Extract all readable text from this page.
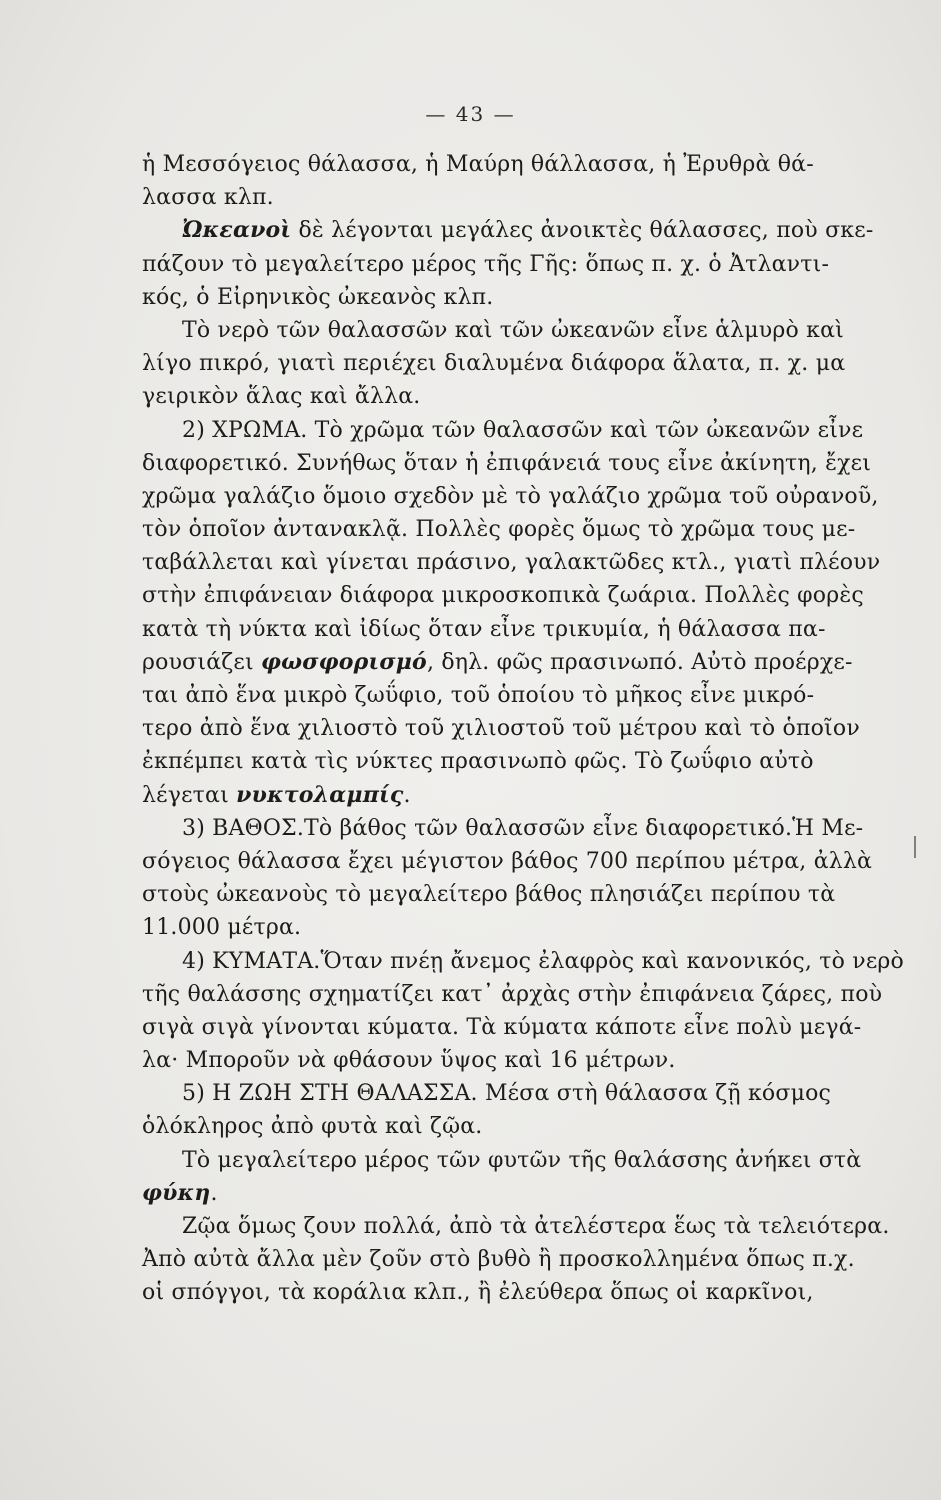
— 43 —
ἡ Μεσσόγειος θάλασσα, ἡ Μαύρη θάλλασσα, ἡ Ἐρυθρὰ θά-
λασσα κλπ.
Ὠκεανοὶ δὲ λέγονται μεγάλες ἀνοικτὲς θάλασσες, ποὺ σκε-
πάζουν τὸ μεγαλείτερο μέρος τῆς Γῆς: ὅπως π. χ. ὁ Ἀτλαντι-
κός, ὁ Εἰρηνικὸς ὠκεανὸς κλπ.
Τὸ νερὸ τῶν θαλασσῶν καὶ τῶν ὠκεανῶν εἶνε ἁλμυρὸ καὶ
λίγο πικρό, γιατὶ περιέχει διαλυμένα διάφορα ἅλατα, π. χ. μα
γειρικὸν ἅλας καὶ ἄλλα.
2) ΧΡΩΜΑ. Τὸ χρῶμα τῶν θαλασσῶν καὶ τῶν ὠκεανῶν εἶνε
διαφορετικό. Συνήθως ὅταν ἡ ἐπιφάνειά τους εἶνε ἀκίνητη, ἔχει
χρῶμα γαλάζιο ὅμοιο σχεδὸν μὲ τὸ γαλάζιο χρῶμα τοῦ οὐρανοῦ,
τὸν ὁποῖον ἀντανακλᾷ. Πολλὲς φορὲς ὅμως τὸ χρῶμα τους με-
ταβάλλεται καὶ γίνεται πράσινο, γαλακτῶδες κτλ., γιατὶ πλέουν
στὴν ἐπιφάνειαν διάφορα μικροσκοπικὰ ζωάρια. Πολλὲς φορὲς
κατὰ τὴ νύκτα καὶ ἰδίως ὅταν εἶνε τρικυμία, ἡ θάλασσα πα-
ρουσιάζει φωσφορισμό, δηλ. φῶς πρασινωπό. Αὐτὸ προέρχε-
ται ἀπὸ ἕνα μικρὸ ζωΰφιο, τοῦ ὁποίου τὸ μῆκος εἶνε μικρό-
τερο ἀπὸ ἕνα χιλιοστὸ τοῦ χιλιοστοῦ τοῦ μέτρου καὶ τὸ ὁποῖον
ἐκπέμπει κατὰ τὶς νύκτες πρασινωπὸ φῶς. Τὸ ζωΰφιο αὐτὸ
λέγεται νυκτολαμπίς.
3) ΒΑΘΟΣ.Τὸ βάθος τῶν θαλασσῶν εἶνε διαφορετικό.Ἡ Με-
σόγειος θάλασσα ἔχει μέγιστον βάθος 700 περίπου μέτρα, ἀλλὰ
στοὺς ὠκεανοὺς τὸ μεγαλείτερο βάθος πλησιάζει περίπου τὰ
11.000 μέτρα.
4) ΚΥΜΑΤΑ.Ὅταν πνέῃ ἄνεμος ἐλαφρὸς καὶ κανονικός, τὸ νερὸ
τῆς θαλάσσης σχηματίζει κατ᾿ ἀρχὰς στὴν ἐπιφάνεια ζάρες, ποὺ
σιγὰ σιγὰ γίνονται κύματα. Τὰ κύματα κάποτε εἶνε πολὺ μεγά-
λα· Μποροῦν νὰ φθάσουν ὕψος καὶ 16 μέτρων.
5) Η ΖΩΗ ΣΤΗ ΘΑΛΑΣΣΑ. Μέσα στὴ θάλασσα ζῇ κόσμος
ὁλόκληρος ἀπὸ φυτὰ καὶ ζῷα.
Τὸ μεγαλείτερο μέρος τῶν φυτῶν τῆς θαλάσσης ἀνήκει στὰ
φύκη.
Ζῷα ὅμως ζουν πολλά, ἀπὸ τὰ ἀτελέστερα ἕως τὰ τελειότερα.
Ἀπὸ αὐτὰ ἄλλα μὲν ζοῦν στὸ βυθὸ ἢ προσκολλημένα ὅπως π.χ.
οἱ σπόγγοι, τὰ κοράλια κλπ., ἢ ἐλεύθερα ὅπως οἱ καρκῖνοι,
